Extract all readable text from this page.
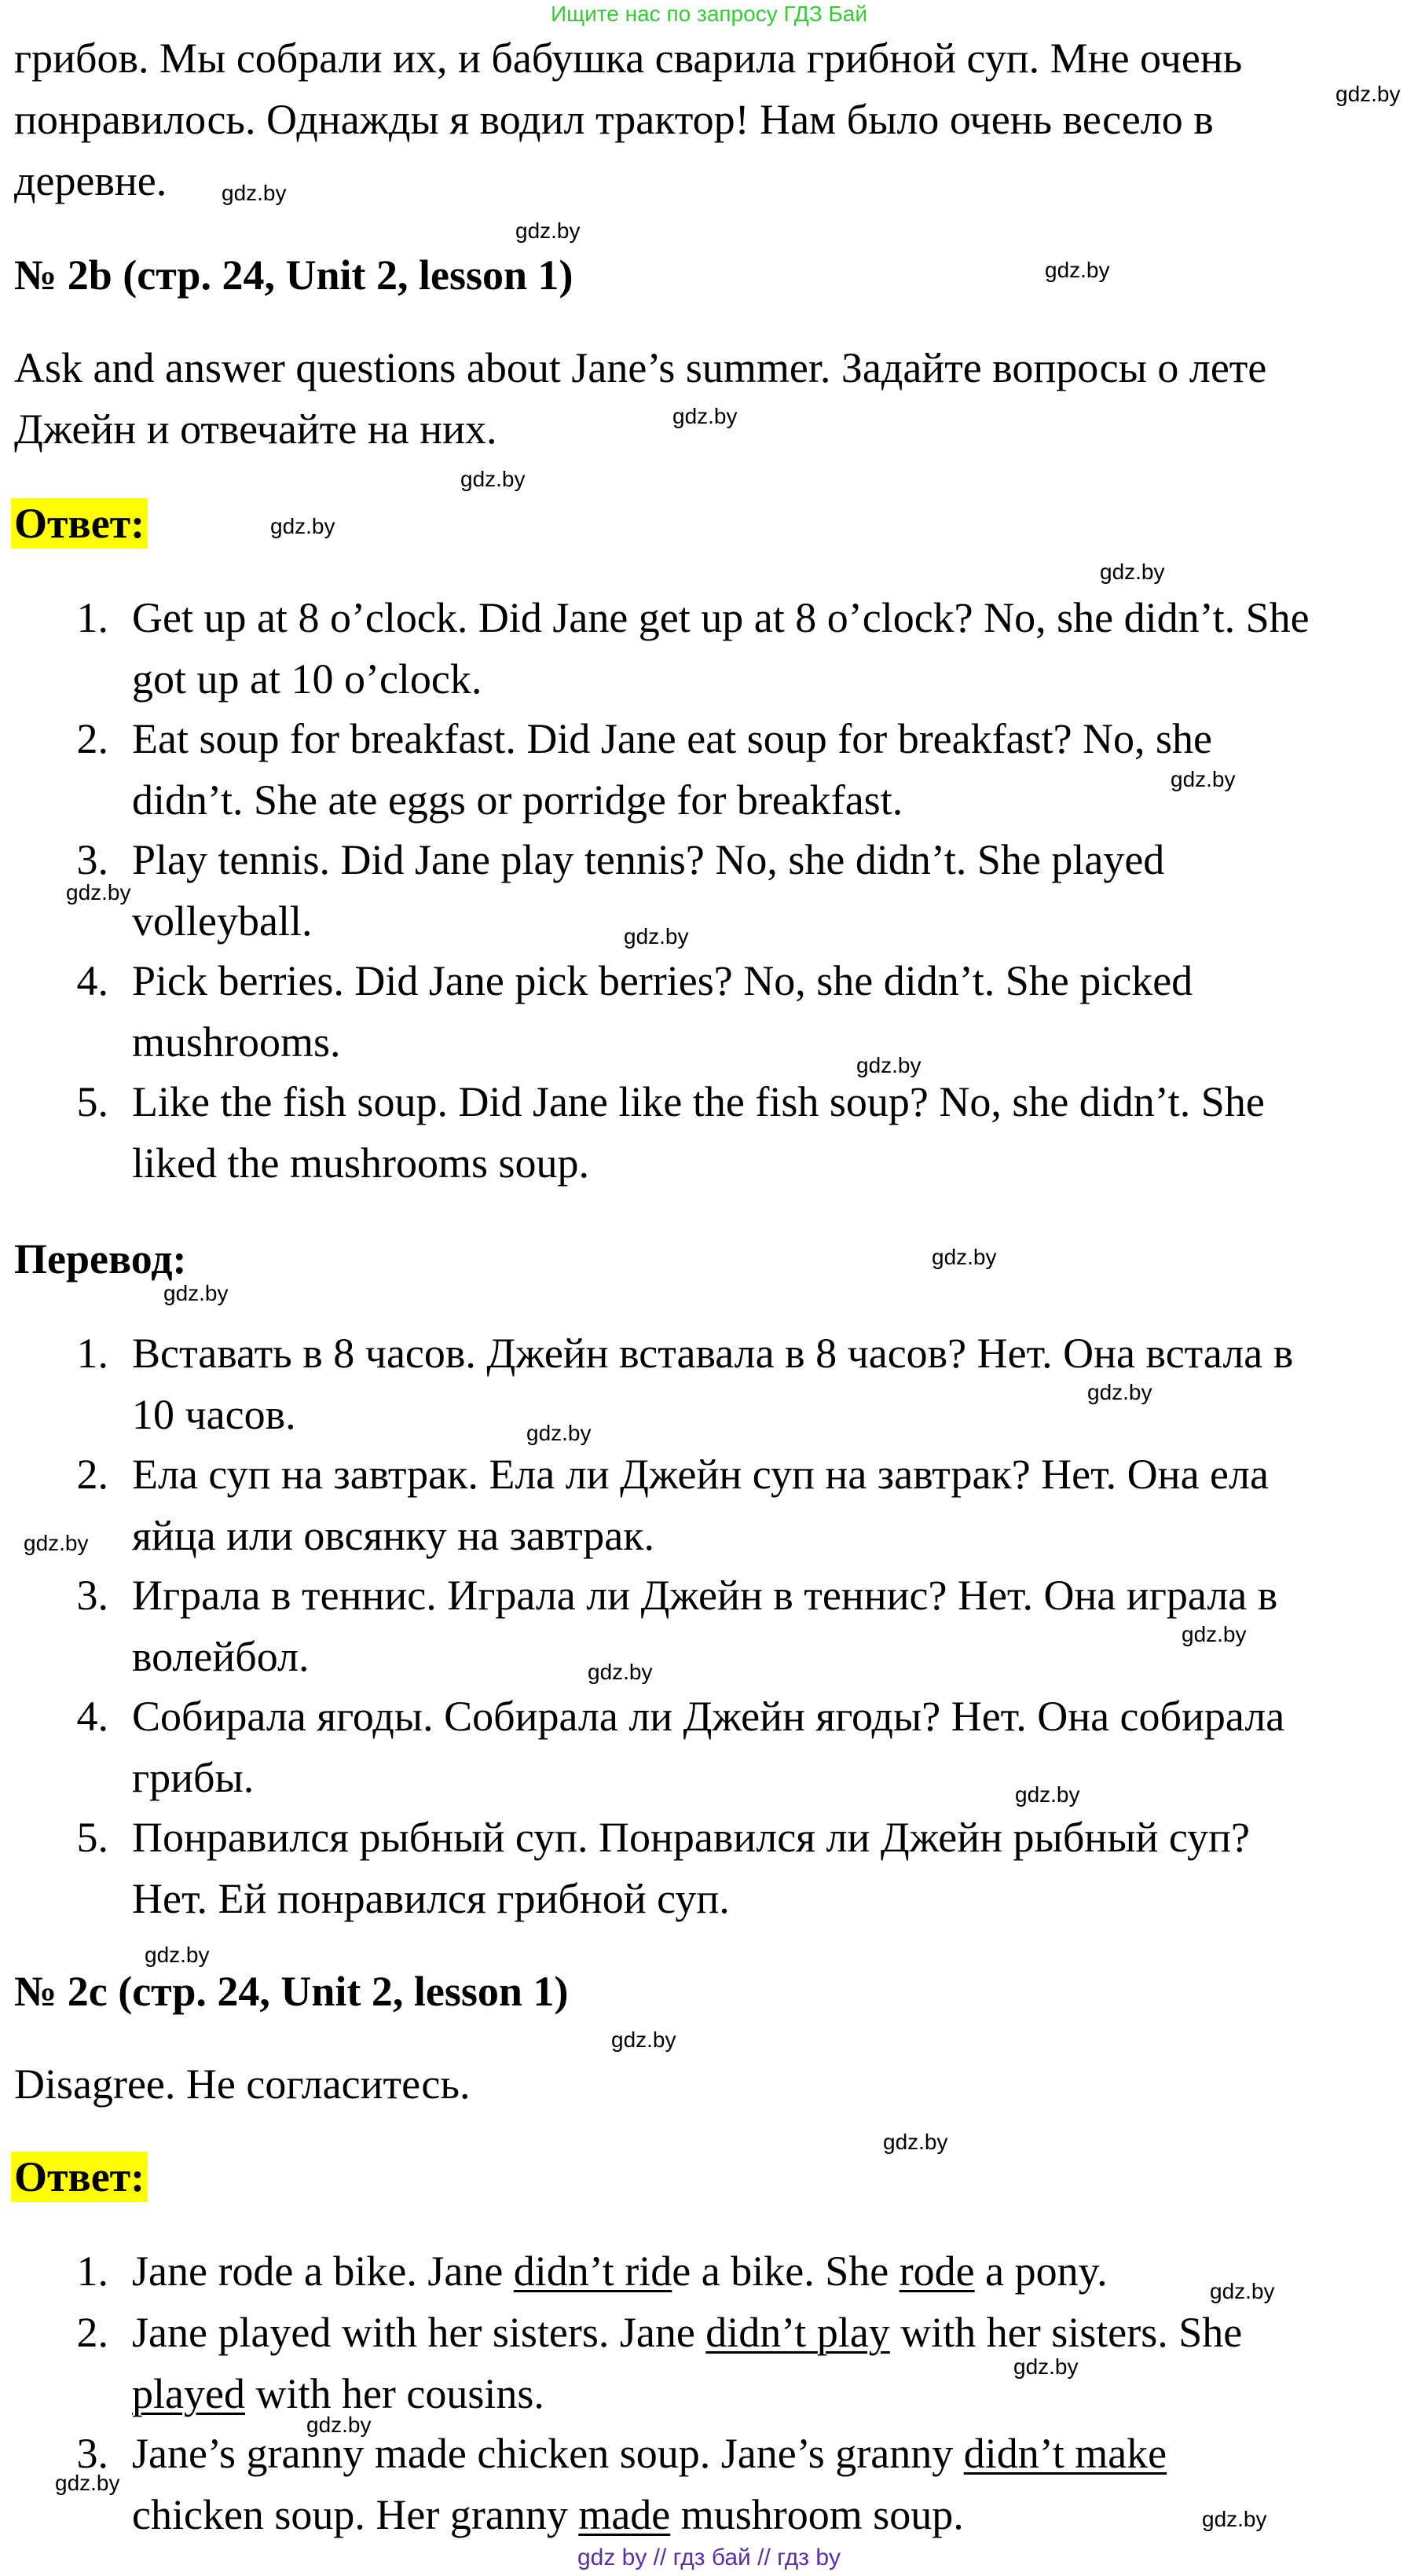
Ищите нас по запросу ГДЗ Бай
грибов. Мы собрали их, и бабушка сварила грибной суп. Мне очень
понравилось. Однажды я водил трактор! Нам было очень весело в
деревне.
№ 2b (стр. 24, Unit 2, lesson 1)
Ask and answer questions about Jane’s summer. Задайте вопросы о лете
Джейн и отвечайте на них.
Ответ:
1. Get up at 8 o’clock. Did Jane get up at 8 o’clock? No, she didn’t. She
got up at 10 o’clock.
2. Eat soup for breakfast. Did Jane eat soup for breakfast? No, she
didn’t. She ate eggs or porridge for breakfast.
3. Play tennis. Did Jane play tennis? No, she didn’t. She played
volleyball.
4. Pick berries. Did Jane pick berries? No, she didn’t. She picked
mushrooms.
5. Like the fish soup. Did Jane like the fish soup? No, she didn’t. She
liked the mushrooms soup.
Перевод:
1. Вставать в 8 часов. Джейн вставала в 8 часов? Нет. Она встала в
10 часов.
2. Ела суп на завтрак. Ела ли Джейн суп на завтрак? Нет. Она ела
яйца или овсянку на завтрак.
3. Играла в теннис. Играла ли Джейн в теннис? Нет. Она играла в
волейбол.
4. Собирала ягоды. Собирала ли Джейн ягоды? Нет. Она собирала
грибы.
5. Понравился рыбный суп. Понравился ли Джейн рыбный суп?
Нет. Ей понравился грибной суп.
№ 2c (стр. 24, Unit 2, lesson 1)
Disagree. Не согласитесь.
Ответ:
1. Jane rode a bike. Jane didn’t ride a bike. She rode a pony.
2. Jane played with her sisters. Jane didn’t play with her sisters. She
played with her cousins.
3. Jane’s granny made chicken soup. Jane’s granny didn’t make
chicken soup. Her granny made mushroom soup.
gdz.by
gdz.by
gdz.by
gdz.by
gdz.by
gdz.by
gdz.by
gdz.by
gdz.by
gdz.by
gdz.by
gdz.by
gdz.by
gdz.by
gdz.by
gdz.by
gdz.by
gdz.by
gdz.by
gdz.by
gdz.by
gdz.by
gdz.by
gdz.by
gdz.by
gdz.by
gdz.by
gdz.by
gdz by // гдз бай // гдз by
